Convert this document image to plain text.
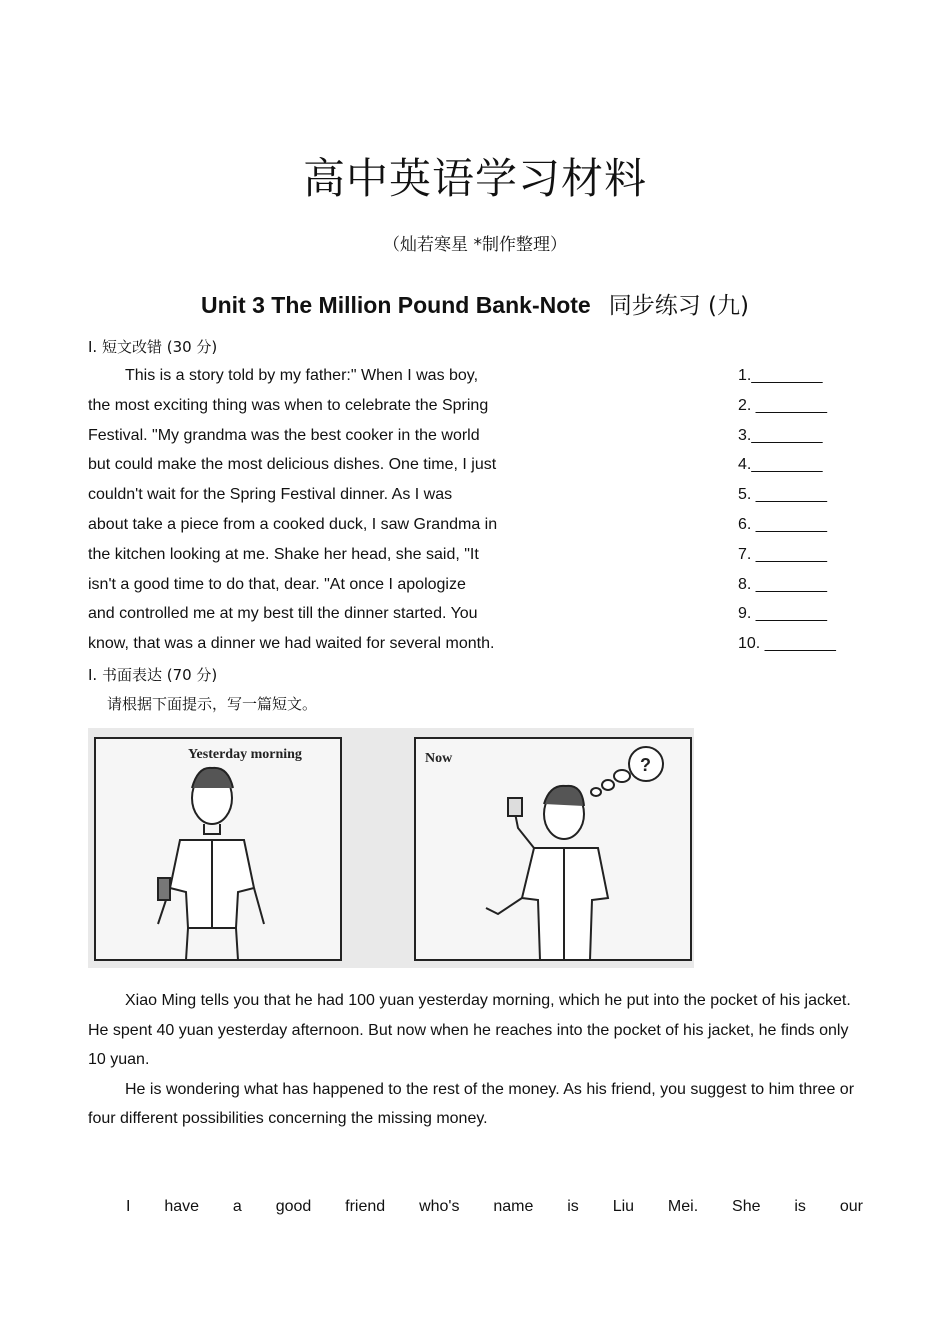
高中英语学习材料
（灿若寒星 *制作整理）
Unit 3 The Million Pound Bank-Note 同步练习 (九)
I. 短文改错 (30 分)
This is a story told by my father:" When I was boy,
the most exciting thing was when to celebrate the Spring
Festival. "My grandma was the best cooker in the world
but could make the most delicious dishes. One time, I just
couldn't wait for the Spring Festival dinner. As I was
about take a piece from a cooked duck, I saw Grandma in
the kitchen looking at me. Shake her head, she said, "It
isn't a good time to do that, dear. "At once I apologize
and controlled me at my best till the dinner started. You
know, that was a dinner we had waited for several month.
1.________
2. ________
3.________
4.________
5. ________
6. ________
7. ________
8. ________
9. ________
10. ________
I. 书面表达 (70 分)
请根据下面提示，写一篇短文。
Yesterday morning	Now	?

Xiao Ming tells you that he had 100 yuan yesterday morning, which he put into the pocket of his jacket. He spent 40 yuan yesterday afternoon. But now when he reaches into the pocket of his jacket, he finds only 10 yuan.

He is wondering what has happened to the rest of the money. As his friend, you suggest to him three or four different possibilities concerning the missing money.

I have a good friend who's name is Liu Mei. She is our
